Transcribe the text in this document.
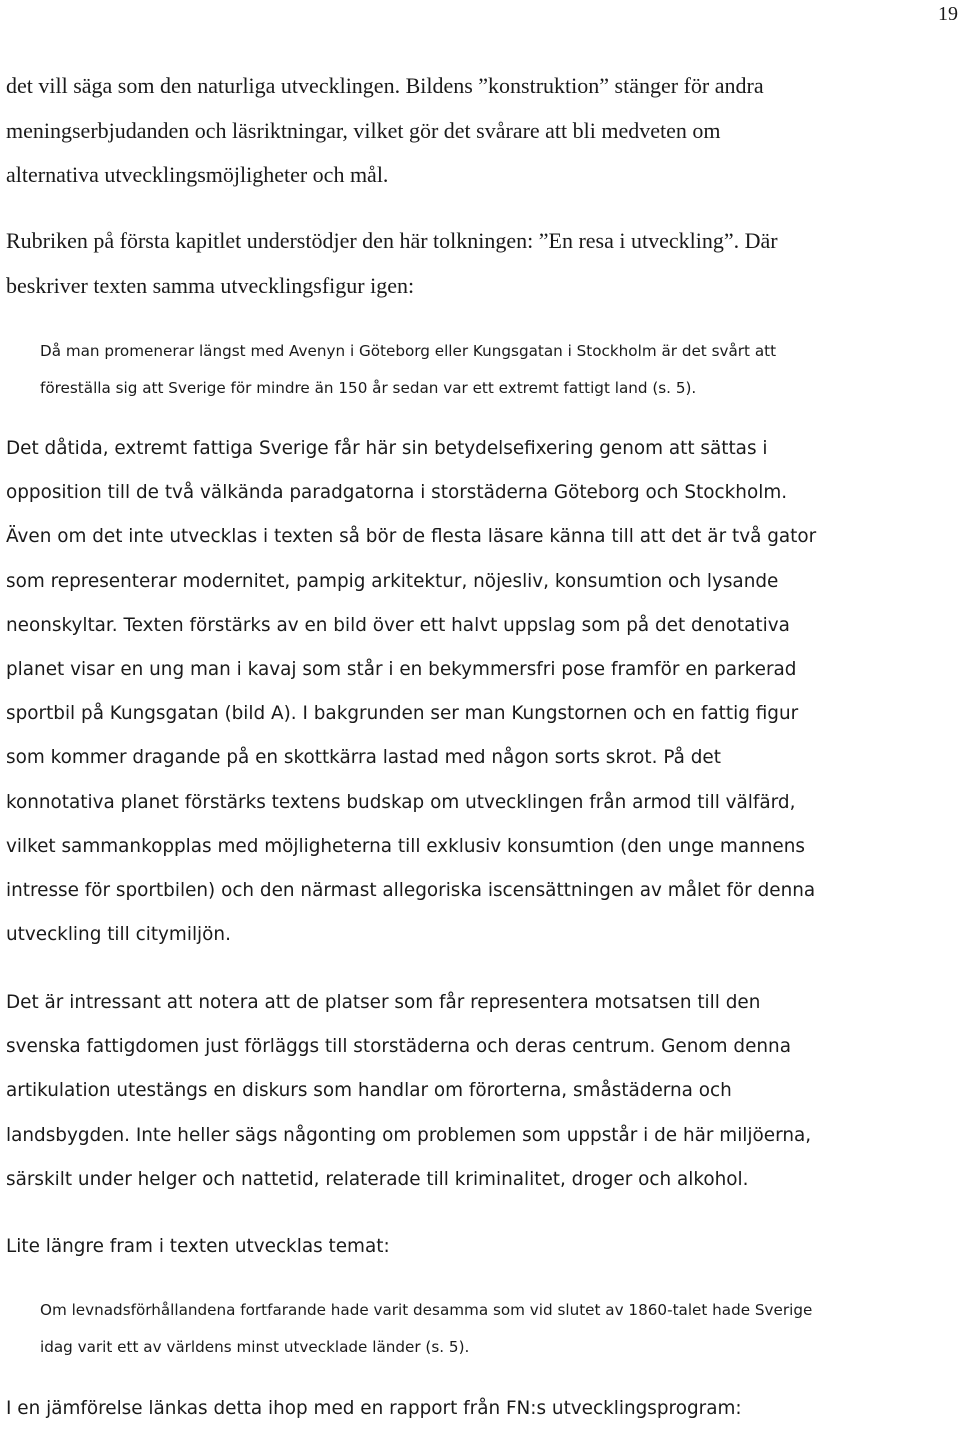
19

det vill säga som den naturliga utvecklingen. Bildens ”konstruktion” stänger för andra
meningserbjudanden och läsriktningar, vilket gör det svårare att bli medveten om
alternativa utvecklingsmöjligheter och mål.
Rubriken på första kapitlet understödjer den här tolkningen: ”En resa i utveckling”. Där
beskriver texten samma utvecklingsfigur igen:
Då man promenerar längst med Avenyn i Göteborg eller Kungsgatan i Stockholm är det svårt att
föreställa sig att Sverige för mindre än 150 år sedan var ett extremt fattigt land (s. 5).
Det dåtida, extremt fattiga Sverige får här sin betydelsefixering genom att sättas i
opposition till de två välkända paradgatorna i storstäderna Göteborg och Stockholm.
Även om det inte utvecklas i texten så bör de flesta läsare känna till att det är två gator
som representerar modernitet, pampig arkitektur, nöjesliv, konsumtion och lysande
neonskyltar. Texten förstärks av en bild över ett halvt uppslag som på det denotativa
planet visar en ung man i kavaj som står i en bekymmersfri pose framför en parkerad
sportbil på Kungsgatan (bild A). I bakgrunden ser man Kungstornen och en fattig figur
som kommer dragande på en skottkärra lastad med någon sorts skrot. På det
konnotativa planet förstärks textens budskap om utvecklingen från armod till välfärd,
vilket sammankopplas med möjligheterna till exklusiv konsumtion (den unge mannens
intresse för sportbilen) och den närmast allegoriska iscensättningen av målet för denna
utveckling till citymiljön.
Det är intressant att notera att de platser som får representera motsatsen till den
svenska fattigdomen just förläggs till storstäderna och deras centrum. Genom denna
artikulation utestängs en diskurs som handlar om förorterna, småstäderna och
landsbygden. Inte heller sägs någonting om problemen som uppstår i de här miljöerna,
särskilt under helger och nattetid, relaterade till kriminalitet, droger och alkohol.
Lite längre fram i texten utvecklas temat:
Om levnadsförhållandena fortfarande hade varit desamma som vid slutet av 1860-talet hade Sverige
idag varit ett av världens minst utvecklade länder (s. 5).
I en jämförelse länkas detta ihop med en rapport från FN:s utvecklingsprogram:
